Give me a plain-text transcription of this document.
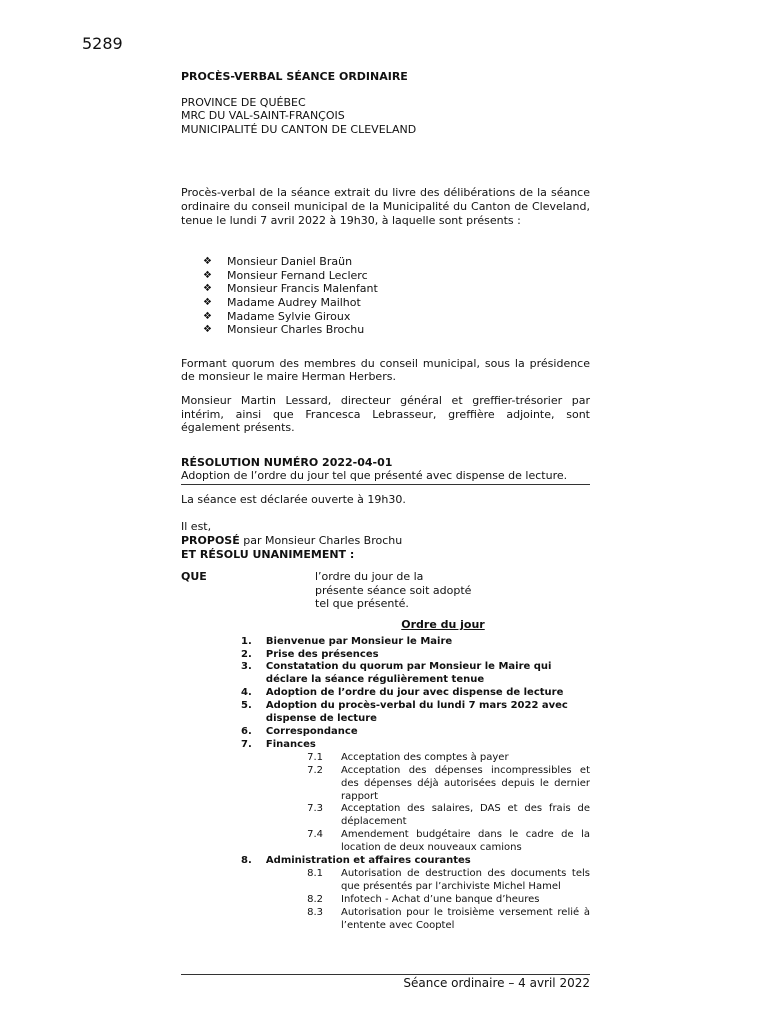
5289

PROCÈS-VERBAL SÉANCE ORDINAIRE

PROVINCE DE QUÉBEC

MRC DU VAL-SAINT-FRANÇOIS

MUNICIPALITÉ DU CANTON DE CLEVELAND

Procès-verbal de la séance extrait du livre des délibérations de la séance ordinaire du conseil municipal de la Municipalité du Canton de Cleveland, tenue le lundi 7 avril 2022 à 19h30, à laquelle sont présents :

❖	Monsieur Daniel Braün
❖	Monsieur Fernand Leclerc
❖	Monsieur Francis Malenfant
❖	Madame Audrey Mailhot
❖	Madame Sylvie Giroux
❖	Monsieur Charles Brochu

Formant quorum des membres du conseil municipal, sous la présidence de monsieur le maire Herman Herbers.

Monsieur Martin Lessard, directeur général et greffier-trésorier par intérim, ainsi que Francesca Lebrasseur, greffière adjointe, sont également présents.

RÉSOLUTION NUMÉRO 2022-04-01

Adoption de l’ordre du jour tel que présenté avec dispense de lecture.

La séance est déclarée ouverte à 19h30.

Il est,

PROPOSÉ par Monsieur Charles Brochu

ET RÉSOLU UNANIMEMENT :

QUE	l’ordre du jour de la présente séance soit adopté tel que présenté.

Ordre du jour

1.	Bienvenue par Monsieur le Maire
2.	Prise des présences
3.	Constatation du quorum par Monsieur le Maire qui déclare la séance régulièrement tenue
4.	Adoption de l’ordre du jour avec dispense de lecture
5.	Adoption du procès-verbal du lundi 7 mars 2022 avec dispense de lecture
6.	Correspondance
7.	Finances
7.1	Acceptation des comptes à payer
7.2	Acceptation des dépenses incompressibles et des dépenses déjà autorisées depuis le dernier rapport
7.3	Acceptation des salaires, DAS et des frais de déplacement
7.4	Amendement budgétaire dans le cadre de la location de deux nouveaux camions
8.	Administration et affaires courantes
8.1	Autorisation de destruction des documents tels que présentés par l’archiviste Michel Hamel
8.2	Infotech - Achat d’une banque d’heures
8.3	Autorisation pour le troisième versement relié à l’entente avec Cooptel
Séance ordinaire – 4 avril 2022
